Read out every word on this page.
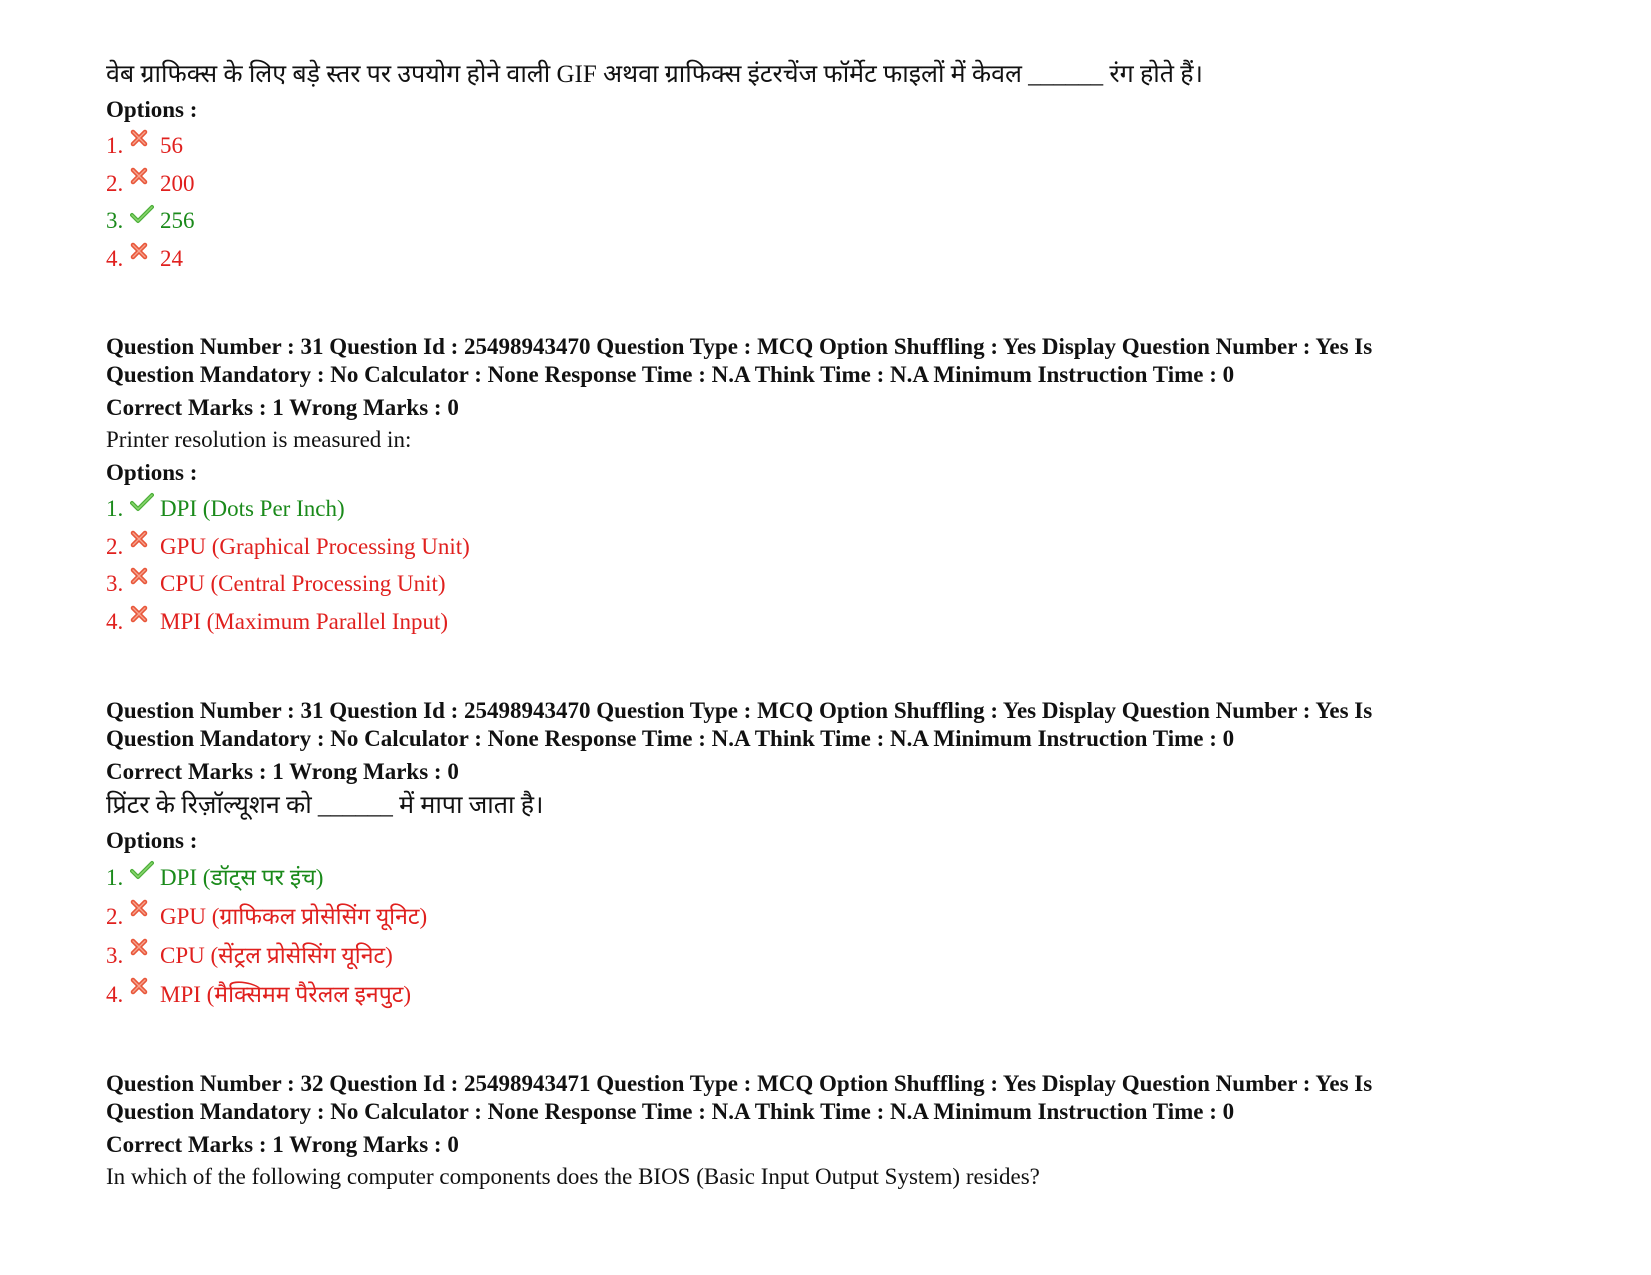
वेब ग्राफिक्स के लिए बड़े स्तर पर उपयोग होने वाली GIF अथवा ग्राफिक्स इंटरचेंज फॉर्मेट फाइलों में केवल ______ रंग होते हैं।

Options :

1. 56
2. 200
3. 256
4. 24

Question Number : 31 Question Id : 25498943470 Question Type : MCQ Option Shuffling : Yes Display Question Number : Yes Is

Question Mandatory : No Calculator : None Response Time : N.A Think Time : N.A Minimum Instruction Time : 0

Correct Marks : 1 Wrong Marks : 0

Printer resolution is measured in:

Options :

1. DPI (Dots Per Inch)
2. GPU (Graphical Processing Unit)
3. CPU (Central Processing Unit)
4. MPI (Maximum Parallel Input)

Question Number : 31 Question Id : 25498943470 Question Type : MCQ Option Shuffling : Yes Display Question Number : Yes Is

Question Mandatory : No Calculator : None Response Time : N.A Think Time : N.A Minimum Instruction Time : 0

Correct Marks : 1 Wrong Marks : 0

प्रिंटर के रिज़ॉल्यूशन को ______ में मापा जाता है।

Options :

1. DPI (डॉट्स पर इंच)
2. GPU (ग्राफिकल प्रोसेसिंग यूनिट)
3. CPU (सेंट्रल प्रोसेसिंग यूनिट)
4. MPI (मैक्सिमम पैरेलल इनपुट)

Question Number : 32 Question Id : 25498943471 Question Type : MCQ Option Shuffling : Yes Display Question Number : Yes Is

Question Mandatory : No Calculator : None Response Time : N.A Think Time : N.A Minimum Instruction Time : 0

Correct Marks : 1 Wrong Marks : 0

In which of the following computer components does the BIOS (Basic Input Output System) resides?
